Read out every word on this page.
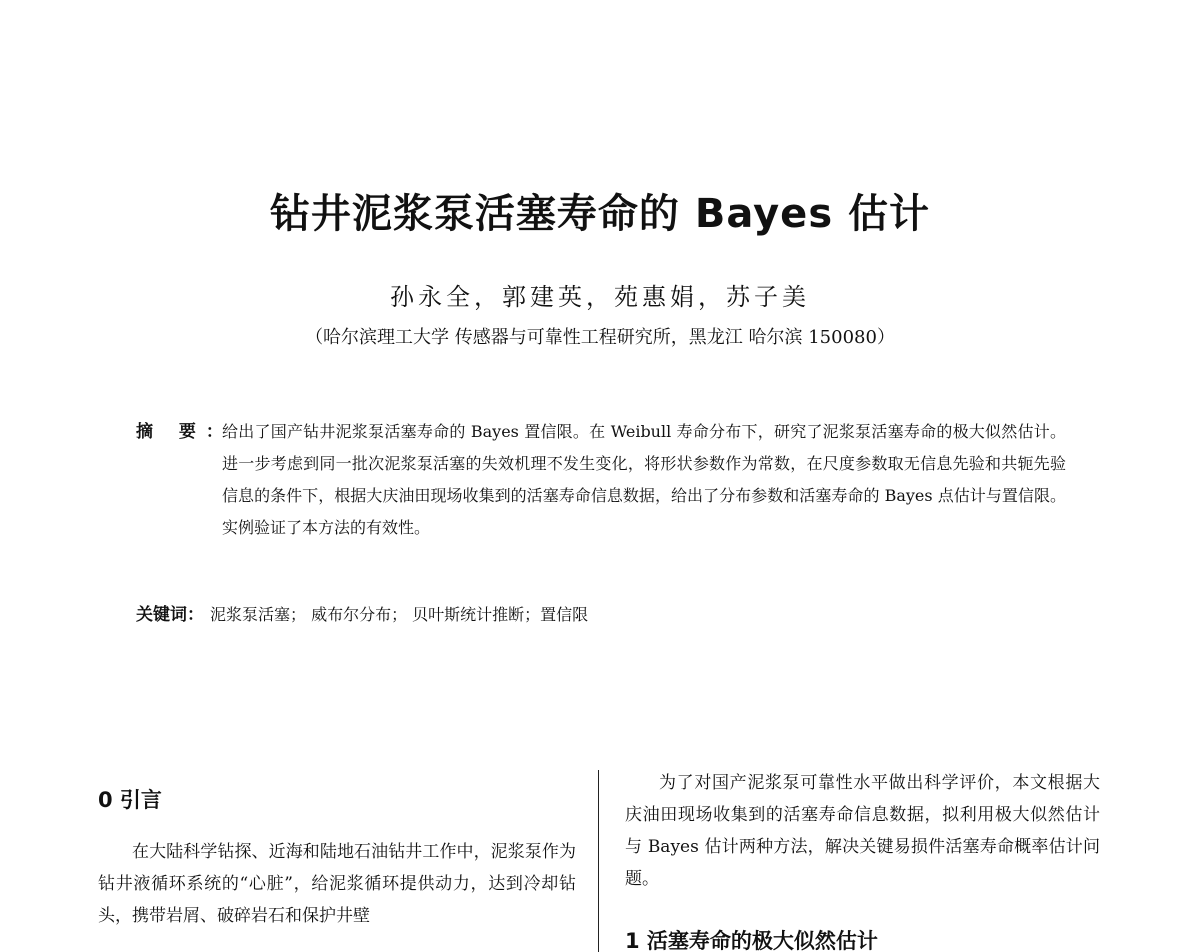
钻井泥浆泵活塞寿命的 Bayes 估计
孙永全，郭建英，苑惠娟，苏子美
（哈尔滨理工大学 传感器与可靠性工程研究所，黑龙江 哈尔滨 150080）
摘 要：
给出了国产钻井泥浆泵活塞寿命的 Bayes 置信限。在 Weibull 寿命分布下，研究了泥浆泵活塞寿命的极大似然估计。进一步考虑到同一批次泥浆泵活塞的失效机理不发生变化，将形状参数作为常数，在尺度参数取无信息先验和共轭先验信息的条件下，根据大庆油田现场收集到的活塞寿命信息数据，给出了分布参数和活塞寿命的 Bayes 点估计与置信限。实例验证了本方法的有效性。
关键词： 泥浆泵活塞； 威布尔分布； 贝叶斯统计推断；置信限
0 引言
在大陆科学钻探、近海和陆地石油钻井工作中，泥浆泵作为钻井液循环系统的“心脏”，给泥浆循环提供动力，达到冷却钻头，携带岩屑、破碎岩石和保护井壁
为了对国产泥浆泵可靠性水平做出科学评价，本文根据大庆油田现场收集到的活塞寿命信息数据，拟利用极大似然估计与 Bayes 估计两种方法，解决关键易损件活塞寿命概率估计问题。
1 活塞寿命的极大似然估计
